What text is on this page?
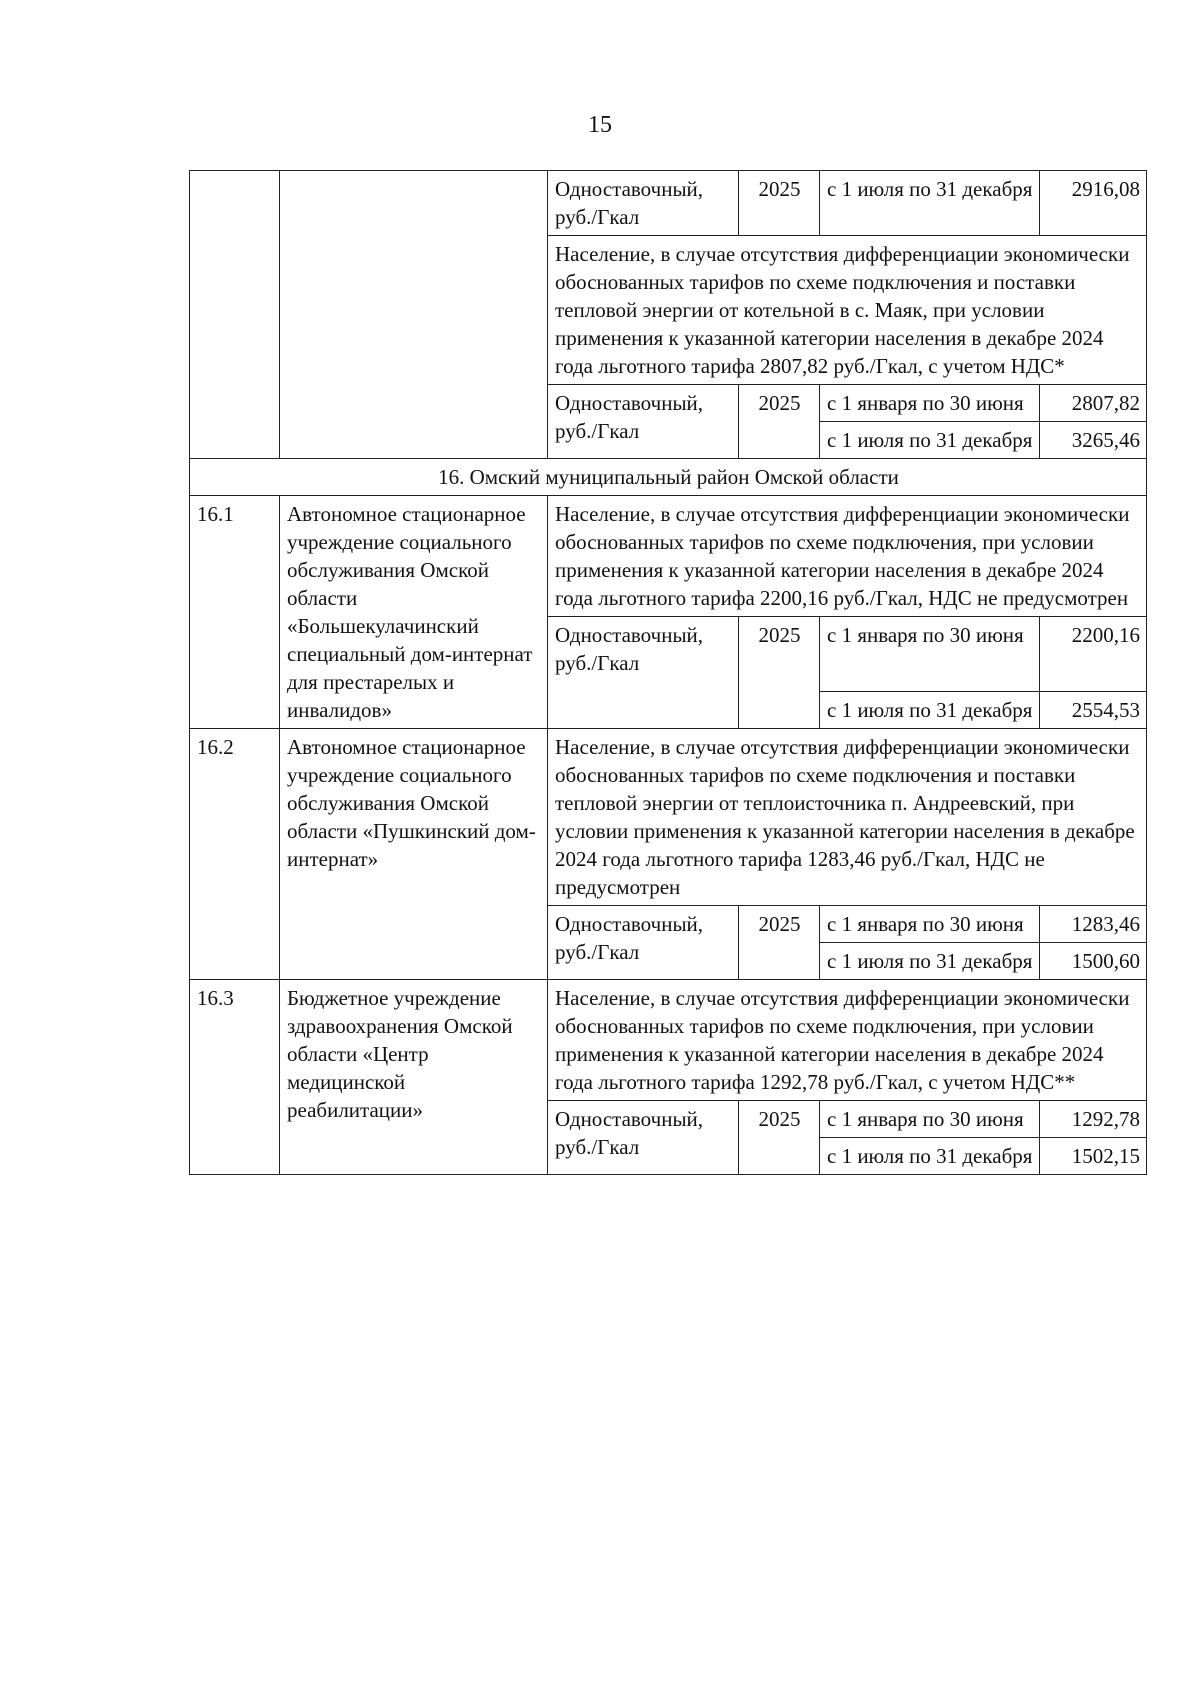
15
		Одноставочный, руб./Гкал	2025	с 1 июля по 31 декабря	2916,08
		Население, в случае отсутствия дифференциации экономически обоснованных тарифов по схеме подключения и поставки тепловой энергии от котельной в с. Маяк, при условии применения к указанной категории населения в декабре 2024 года льготного тарифа 2807,82 руб./Гкал, с учетом НДС*			
		Одноставочный, руб./Гкал	2025	с 1 января по 30 июня	2807,82
				с 1 июля по 31 декабря	3265,46
16. Омский муниципальный район Омской области					
16.1	Автономное стационарное учреждение социального обслуживания Омской области «Большекулачинский специальный дом-интернат для престарелых и инвалидов»	Население, в случае отсутствия дифференциации экономически обоснованных тарифов по схеме подключения, при условии применения к указанной категории населения в декабре 2024 года льготного тарифа 2200,16 руб./Гкал, НДС не предусмотрен			
		Одноставочный, руб./Гкал	2025	с 1 января по 30 июня	2200,16
				с 1 июля по 31 декабря	2554,53
16.2	Автономное стационарное учреждение социального обслуживания Омской области «Пушкинский дом-интернат»	Население, в случае отсутствия дифференциации экономически обоснованных тарифов по схеме подключения и поставки тепловой энергии от теплоисточника п. Андреевский, при условии применения к указанной категории населения в декабре 2024 года льготного тарифа 1283,46 руб./Гкал, НДС не предусмотрен			
		Одноставочный, руб./Гкал	2025	с 1 января по 30 июня	1283,46
				с 1 июля по 31 декабря	1500,60
16.3	Бюджетное учреждение здравоохранения Омской области «Центр медицинской реабилитации»	Население, в случае отсутствия дифференциации экономически обоснованных тарифов по схеме подключения, при условии применения к указанной категории населения в декабре 2024 года льготного тарифа 1292,78 руб./Гкал, с учетом НДС**			
		Одноставочный, руб./Гкал	2025	с 1 января по 30 июня	1292,78
				с 1 июля по 31 декабря	1502,15
